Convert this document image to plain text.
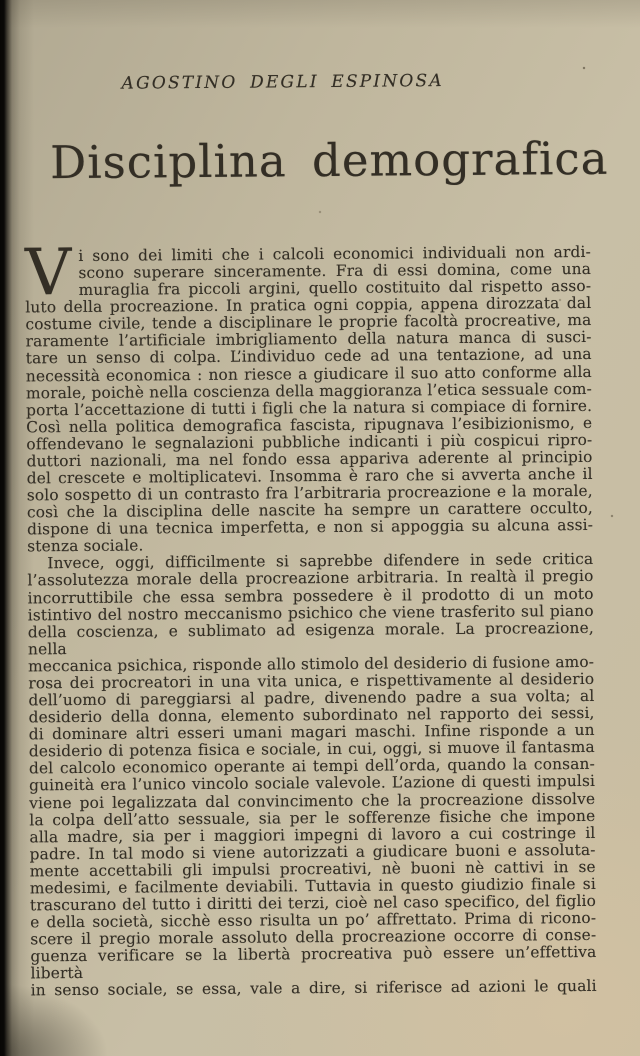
AGOSTINO DEGLI ESPINOSA
Disciplina demografica
V i sono dei limiti che i calcoli economici individuali non ardi-
scono superare sinceramente. Fra di essi domina, come una
muraglia fra piccoli argini, quello costituito dal rispetto asso-
luto della procreazione. In pratica ogni coppia, appena dirozzata dal
costume civile, tende a disciplinare le proprie facoltà procreative, ma
raramente l’artificiale imbrigliamento della natura manca di susci-
tare un senso di colpa. L’individuo cede ad una tentazione, ad una
necessità economica : non riesce a giudicare il suo atto conforme alla
morale, poichè nella coscienza della maggioranza l’etica sessuale com-
porta l’accettazione di tutti i figli che la natura si compiace di fornire.
Così nella politica demografica fascista, ripugnava l’esibizionismo, e
offendevano le segnalazioni pubbliche indicanti i più cospicui ripro-
duttori nazionali, ma nel fondo essa appariva aderente al principio
del crescete e moltiplicatevi. Insomma è raro che si avverta anche il
solo sospetto di un contrasto fra l’arbitraria procreazione e la morale,
così che la disciplina delle nascite ha sempre un carattere occulto,
dispone di una tecnica imperfetta, e non si appoggia su alcuna assi-
stenza sociale.
Invece, oggi, difficilmente si saprebbe difendere in sede critica
l’assolutezza morale della procreazione arbitraria. In realtà il pregio
incorruttibile che essa sembra possedere è il prodotto di un moto
istintivo del nostro meccanismo psichico che viene trasferito sul piano
della coscienza, e sublimato ad esigenza morale. La procreazione, nella
meccanica psichica, risponde allo stimolo del desiderio di fusione amo-
rosa dei procreatori in una vita unica, e rispettivamente al desiderio
dell’uomo di pareggiarsi al padre, divenendo padre a sua volta; al
desiderio della donna, elemento subordinato nel rapporto dei sessi,
di dominare altri esseri umani magari maschi. Infine risponde a un
desiderio di potenza fisica e sociale, in cui, oggi, si muove il fantasma
del calcolo economico operante ai tempi dell’orda, quando la consan-
guineità era l’unico vincolo sociale valevole. L’azione di questi impulsi
viene poi legalizzata dal convincimento che la procreazione dissolve
la colpa dell’atto sessuale, sia per le sofferenze fisiche che impone
alla madre, sia per i maggiori impegni di lavoro a cui costringe il
padre. In tal modo si viene autorizzati a giudicare buoni e assoluta-
mente accettabili gli impulsi procreativi, nè buoni nè cattivi in se
medesimi, e facilmente deviabili. Tuttavia in questo giudizio finale si
trascurano del tutto i diritti dei terzi, cioè nel caso specifico, del figlio
e della società, sicchè esso risulta un po’ affrettato. Prima di ricono-
scere il pregio morale assoluto della procreazione occorre di conse-
guenza verificare se la libertà procreativa può essere un’effettiva libertà
in senso sociale, se essa, vale a dire, si riferisce ad azioni le quali
